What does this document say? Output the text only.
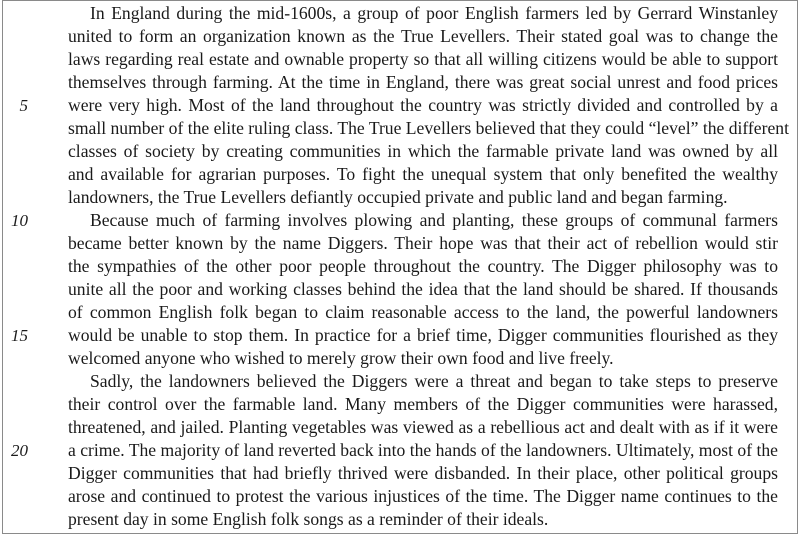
5
10
15
20
In England during the mid-1600s, a group of poor English farmers led by Gerrard Winstanley
united to form an organization known as the True Levellers. Their stated goal was to change the
laws regarding real estate and ownable property so that all willing citizens would be able to support
themselves through farming. At the time in England, there was great social unrest and food prices
were very high. Most of the land throughout the country was strictly divided and controlled by a
small number of the elite ruling class. The True Levellers believed that they could “level” the different
classes of society by creating communities in which the farmable private land was owned by all
and available for agrarian purposes. To fight the unequal system that only benefited the wealthy
landowners, the True Levellers defiantly occupied private and public land and began farming.
Because much of farming involves plowing and planting, these groups of communal farmers
became better known by the name Diggers. Their hope was that their act of rebellion would stir
the sympathies of the other poor people throughout the country. The Digger philosophy was to
unite all the poor and working classes behind the idea that the land should be shared. If thousands
of common English folk began to claim reasonable access to the land, the powerful landowners
would be unable to stop them. In practice for a brief time, Digger communities flourished as they
welcomed anyone who wished to merely grow their own food and live freely.
Sadly, the landowners believed the Diggers were a threat and began to take steps to preserve
their control over the farmable land. Many members of the Digger communities were harassed,
threatened, and jailed. Planting vegetables was viewed as a rebellious act and dealt with as if it were
a crime. The majority of land reverted back into the hands of the landowners. Ultimately, most of the
Digger communities that had briefly thrived were disbanded. In their place, other political groups
arose and continued to protest the various injustices of the time. The Digger name continues to the
present day in some English folk songs as a reminder of their ideals.
